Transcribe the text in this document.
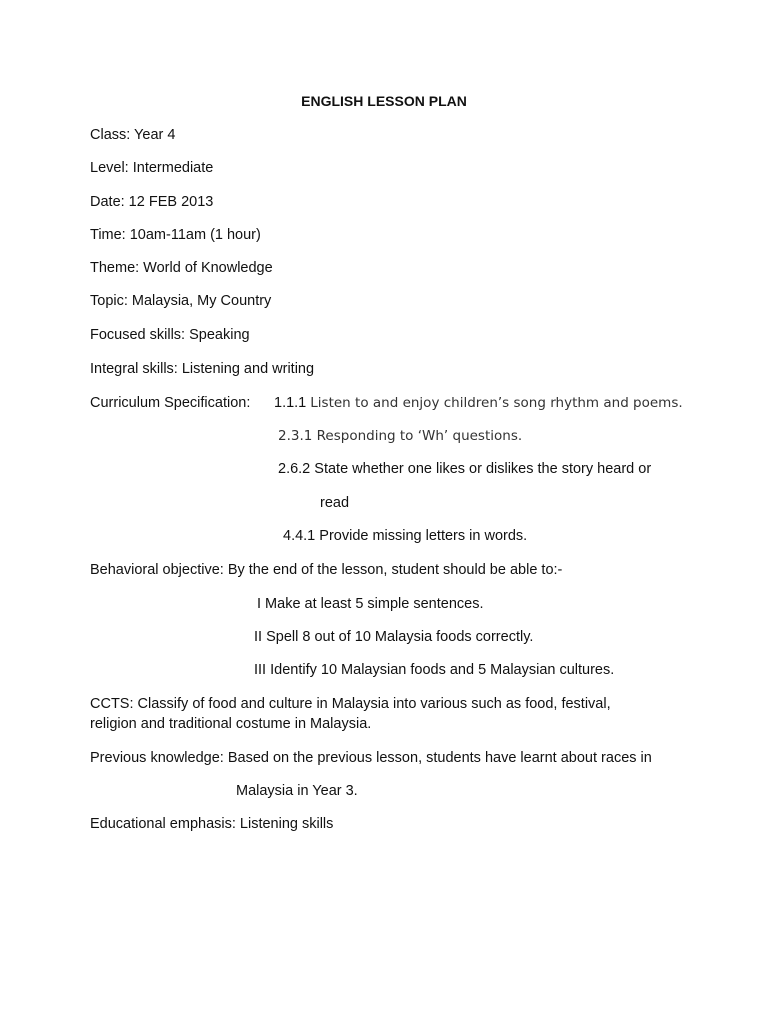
ENGLISH LESSON PLAN
Class: Year 4
Level: Intermediate
Date: 12 FEB 2013
Time: 10am-11am (1 hour)
Theme: World of Knowledge
Topic: Malaysia, My Country
Focused skills: Speaking
Integral skills: Listening and writing
Curriculum Specification: 1.1.1 Listen to and enjoy children’s song rhythm and poems.
2.3.1 Responding to ‘Wh’ questions.
2.6.2 State whether one likes or dislikes the story heard or
read
4.4.1 Provide missing letters in words.
Behavioral objective: By the end of the lesson, student should be able to:-
I Make at least 5 simple sentences.
II Spell 8 out of 10 Malaysia foods correctly.
III Identify 10 Malaysian foods and 5 Malaysian cultures.
CCTS: Classify of food and culture in Malaysia into various such as food, festival,
religion and traditional costume in Malaysia.
Previous knowledge: Based on the previous lesson, students have learnt about races in
Malaysia in Year 3.
Educational emphasis: Listening skills
